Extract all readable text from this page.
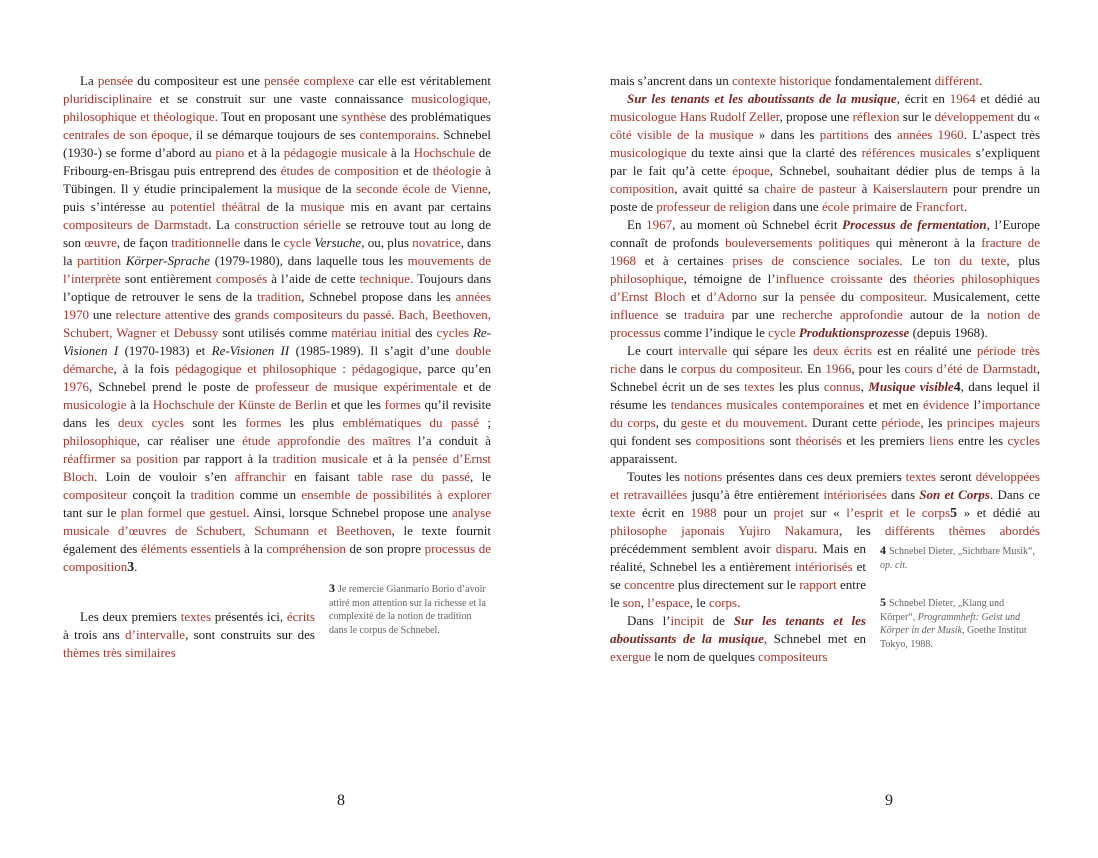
La pensée du compositeur est une pensée complexe car elle est véritablement pluridisciplinaire et se construit sur une vaste connaissance musicologique, philosophique et théologique. Tout en proposant une synthèse des problématiques centrales de son époque, il se démarque toujours de ses contemporains. Schnebel (1930-) se forme d’abord au piano et à la pédagogie musicale à la Hochschule de Fribourg-en-Brisgau puis entreprend des études de composition et de théologie à Tübingen. Il y étudie principalement la musique de la seconde école de Vienne, puis s’intéresse au potentiel théâtral de la musique mis en avant par certains compositeurs de Darmstadt. La construction sérielle se retrouve tout au long de son œuvre, de façon traditionnelle dans le cycle Versuche, ou, plus novatrice, dans la partition Körper-Sprache (1979-1980), dans laquelle tous les mouvements de l’interprète sont entièrement composés à l’aide de cette technique. Toujours dans l’optique de retrouver le sens de la tradition, Schnebel propose dans les années 1970 une relecture attentive des grands compositeurs du passé. Bach, Beethoven, Schubert, Wagner et Debussy sont utilisés comme matériau initial des cycles Re-Visionen I (1970-1983) et Re-Visionen II (1985-1989). Il s’agit d’une double démarche, à la fois pédagogique et philosophique : pédagogique, parce qu’en 1976, Schnebel prend le poste de professeur de musique expérimentale et de musicologie à la Hochschule der Künste de Berlin et que les formes qu’il revisite dans les deux cycles sont les formes les plus emblématiques du passé ; philosophique, car réaliser une étude approfondie des maîtres l’a conduit à réaffirmer sa position par rapport à la tradition musicale et à la pensée d’Ernst Bloch. Loin de vouloir s’en affranchir en faisant table rase du passé, le compositeur conçoit la tradition comme un ensemble de possibilités à explorer tant sur le plan formel que gestuel. Ainsi, lorsque Schnebel propose une analyse musicale d’œuvres de Schubert, Schumann et Beethoven, le texte fournit également des éléments essentiels à la compréhension de son propre processus de composition3.

3 Je remercie Gianmario Borio d’avoir attiré mon attention sur la richesse et la complexité de la notion de tradition dans le corpus de Schnebel.

Les deux premiers textes présentés ici, écrits à trois ans d’intervalle, sont construits sur des thèmes très similaires

mais s’ancrent dans un contexte historique fondamentalement différent.

Sur les tenants et les aboutissants de la musique, écrit en 1964 et dédié au musicologue Hans Rudolf Zeller, propose une réflexion sur le développement du « côté visible de la musique » dans les partitions des années 1960. L’aspect très musicologique du texte ainsi que la clarté des références musicales s’expliquent par le fait qu’à cette époque, Schnebel, souhaitant dédier plus de temps à la composition, avait quitté sa chaire de pasteur à Kaiserslautern pour prendre un poste de professeur de religion dans une école primaire de Francfort.

En 1967, au moment où Schnebel écrit Processus de fermentation, l’Europe connaît de profonds bouleversements politiques qui mèneront à la fracture de 1968 et à certaines prises de conscience sociales. Le ton du texte, plus philosophique, témoigne de l’influence croissante des théories philosophiques d’Ernst Bloch et d’Adorno sur la pensée du compositeur. Musicalement, cette influence se traduira par une recherche approfondie autour de la notion de processus comme l’indique le cycle Produktionsprozesse (depuis 1968).

Le court intervalle qui sépare les deux écrits est en réalité une période très riche dans le corpus du compositeur. En 1966, pour les cours d’été de Darmstadt, Schnebel écrit un de ses textes les plus connus, Musique visible4, dans lequel il résume les tendances musicales contemporaines et met en évidence l’importance du corps, du geste et du mouvement. Durant cette période, les principes majeurs qui fondent ses compositions sont théorisés et les premiers liens entre les cycles apparaissent.

Toutes les notions présentes dans ces deux premiers textes seront développées et retravaillées jusqu’à être entièrement intériorisées dans Son et Corps. Dans ce texte écrit en 1988 pour un projet sur « l’esprit et le corps5 » et dédié au philosophe japonais Yujiro Nakamura, les différents thèmes abordés précédemment semblent avoir disparu. Mais en 4 Schnebel Dieter, „Sichtbare Musik“, op. cit.
5 Schnebel Dieter, „Klang und Körper“, Programmheft: Geist und Körper in der Musik, Goethe Institut Tokyo, 1988.
réalité, Schnebel les a entièrement intériorisés et se concentre plus directement sur le rapport entre le son, l’espace, le corps.

Dans l’incipit de Sur les tenants et les aboutissants de la musique, Schnebel met en exergue le nom de quelques compositeurs

8	9
